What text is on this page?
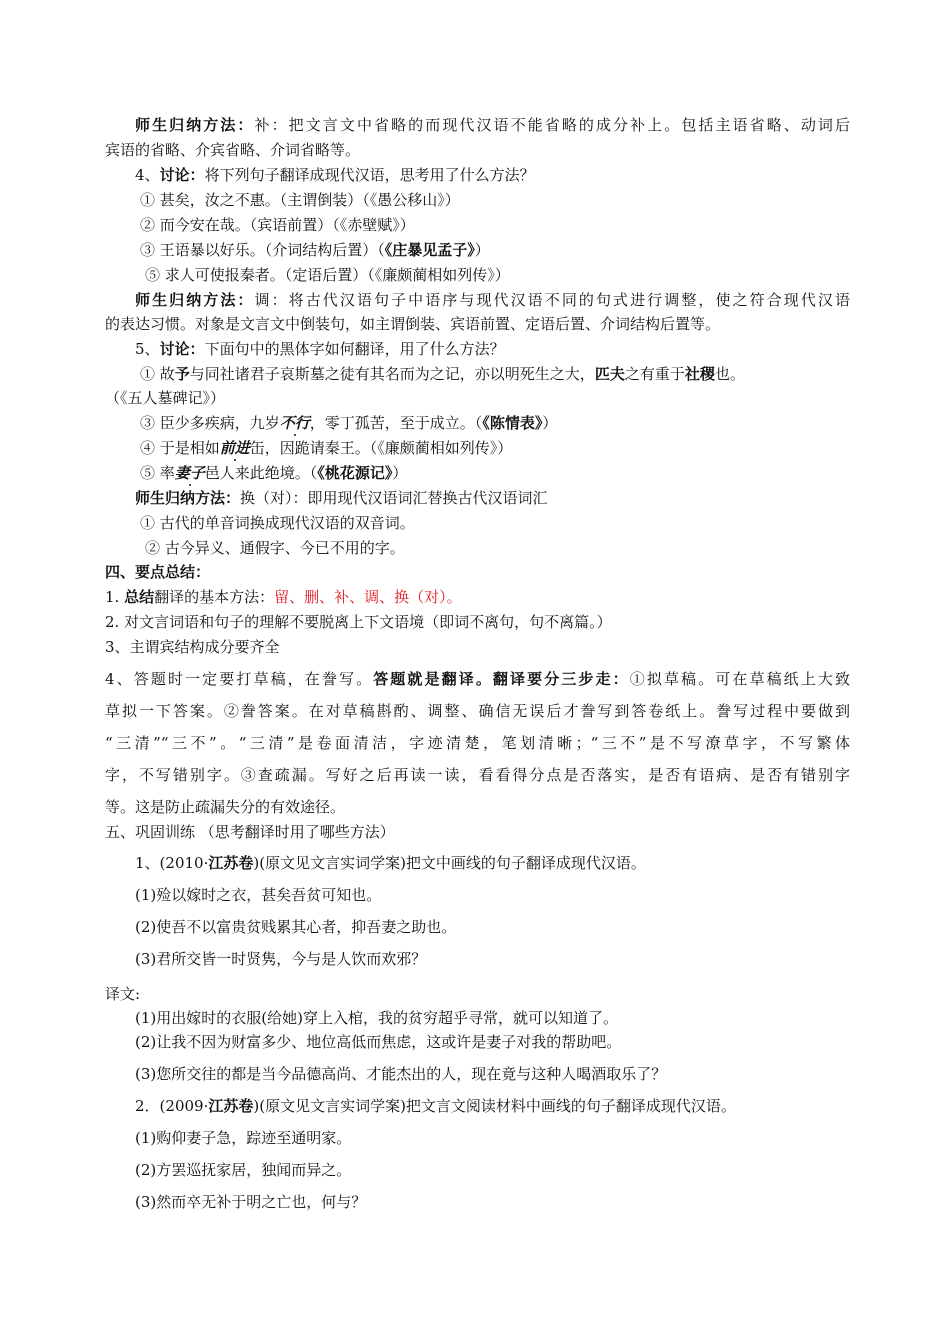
师生归纳方法：补：把文言文中省略的而现代汉语不能省略的成分补上。包括主语省略、动词后
宾语的省略、介宾省略、介词省略等。
4、讨论：将下列句子翻译成现代汉语，思考用了什么方法？
① 甚矣，汝之不惠。（主谓倒装）（《愚公移山》）
② 而今安在哉。（宾语前置）（《赤壁赋》）
③ 王语暴以好乐。（介词结构后置）（《庄暴见孟子》）
⑤ 求人可使报秦者。（定语后置）（《廉颇蔺相如列传》）
师生归纳方法：调：将古代汉语句子中语序与现代汉语不同的句式进行调整，使之符合现代汉语
的表达习惯。对象是文言文中倒装句，如主谓倒装、宾语前置、定语后置、介词结构后置等。
5、讨论：下面句中的黑体字如何翻译，用了什么方法？
① 故予与同社诸君子哀斯墓之徒有其名而为之记，亦以明死生之大，匹夫之有重于社稷也。
（《五人墓碑记》）
③ 臣少多疾病，九岁不行，零丁孤苦，至于成立。（《陈情表》）
④ 于是相如前进缶，因跪请秦王。（《廉颇蔺相如列传》）
⑤ 率妻子邑人来此绝境。（《桃花源记》）
师生归纳方法：换（对）：即用现代汉语词汇替换古代汉语词汇
① 古代的单音词换成现代汉语的双音词。
② 古今异义、通假字、今已不用的字。
四、要点总结：
1. 总结翻译的基本方法：留、删、补、调、换（对）。
2. 对文言词语和句子的理解不要脱离上下文语境（即词不离句，句不离篇。）
3、主谓宾结构成分要齐全
4、答题时一定要打草稿，在誊写。答题就是翻译。翻译要分三步走：①拟草稿。可在草稿纸上大致
草拟一下答案。②誊答案。在对草稿斟酌、调整、确信无误后才誊写到答卷纸上。誊写过程中要做到
“三清”“三不”。“三清”是卷面清洁，字迹清楚，笔划清晰；“三不”是不写潦草字，不写繁体
字，不写错别字。③查疏漏。写好之后再读一读，看看得分点是否落实，是否有语病、是否有错别字
等。这是防止疏漏失分的有效途径。
五、巩固训练 （思考翻译时用了哪些方法）
1、(2010·江苏卷)(原文见文言实词学案)把文中画线的句子翻译成现代汉语。
(1)殓以嫁时之衣，甚矣吾贫可知也。
(2)使吾不以富贵贫贱累其心者，抑吾妻之助也。
(3)君所交皆一时贤隽，今与是人饮而欢邪？
译文:
(1)用出嫁时的衣服(给她)穿上入棺，我的贫穷超乎寻常，就可以知道了。
(2)让我不因为财富多少、地位高低而焦虑，这或许是妻子对我的帮助吧。
(3)您所交往的都是当今品德高尚、才能杰出的人，现在竟与这种人喝酒取乐了？
2．(2009·江苏卷)(原文见文言实词学案)把文言文阅读材料中画线的句子翻译成现代汉语。
(1)购仰妻子急，踪迹至通明家。
(2)方罢巡抚家居，独闻而异之。
(3)然而卒无补于明之亡也，何与？
